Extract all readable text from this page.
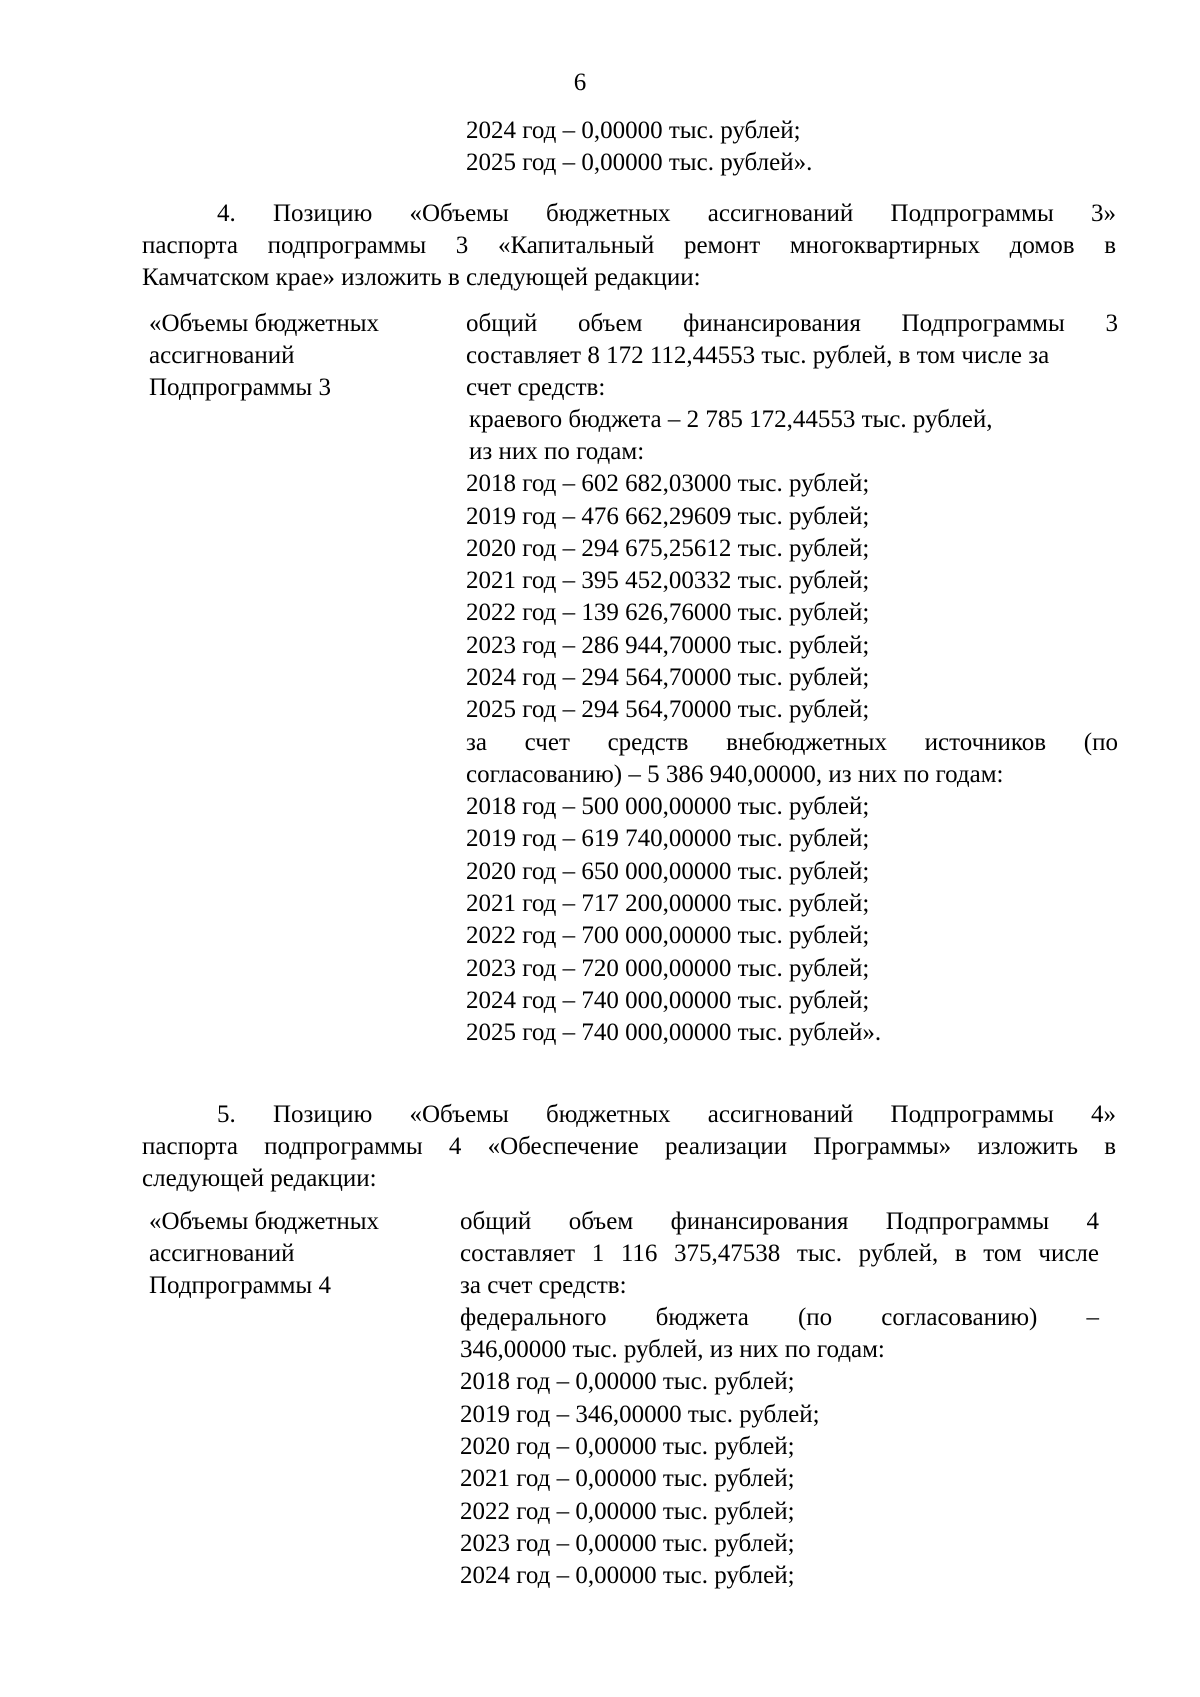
6
2024 год – 0,00000 тыс. рублей;
2025 год – 0,00000 тыс. рублей».
4. Позицию «Объемы бюджетных ассигнований Подпрограммы 3»
паспорта подпрограммы 3 «Капитальный ремонт многоквартирных домов в
Камчатском крае» изложить в следующей редакции:
«Объемы бюджетных
ассигнований
Подпрограммы 3
общий объем финансирования Подпрограммы 3
составляет 8 172 112,44553 тыс. рублей, в том числе за
счет средств:
краевого бюджета – 2 785 172,44553 тыс. рублей,
из них по годам:
2018 год – 602 682,03000 тыс. рублей;
2019 год – 476 662,29609 тыс. рублей;
2020 год – 294 675,25612 тыс. рублей;
2021 год – 395 452,00332 тыс. рублей;
2022 год – 139 626,76000 тыс. рублей;
2023 год – 286 944,70000 тыс. рублей;
2024 год – 294 564,70000 тыс. рублей;
2025 год – 294 564,70000 тыс. рублей;
за счет средств внебюджетных источников (по
согласованию) – 5 386 940,00000, из них по годам:
2018 год – 500 000,00000 тыс. рублей;
2019 год – 619 740,00000 тыс. рублей;
2020 год – 650 000,00000 тыс. рублей;
2021 год – 717 200,00000 тыс. рублей;
2022 год – 700 000,00000 тыс. рублей;
2023 год – 720 000,00000 тыс. рублей;
2024 год – 740 000,00000 тыс. рублей;
2025 год – 740 000,00000 тыс. рублей».
5. Позицию «Объемы бюджетных ассигнований Подпрограммы 4»
паспорта подпрограммы 4 «Обеспечение реализации Программы» изложить в
следующей редакции:
«Объемы бюджетных
ассигнований
Подпрограммы 4
общий объем финансирования Подпрограммы 4
составляет 1 116 375,47538 тыс. рублей, в том числе
за счет средств:
федерального бюджета (по согласованию) –
346,00000 тыс. рублей, из них по годам:
2018 год – 0,00000 тыс. рублей;
2019 год – 346,00000 тыс. рублей;
2020 год – 0,00000 тыс. рублей;
2021 год – 0,00000 тыс. рублей;
2022 год – 0,00000 тыс. рублей;
2023 год – 0,00000 тыс. рублей;
2024 год – 0,00000 тыс. рублей;
